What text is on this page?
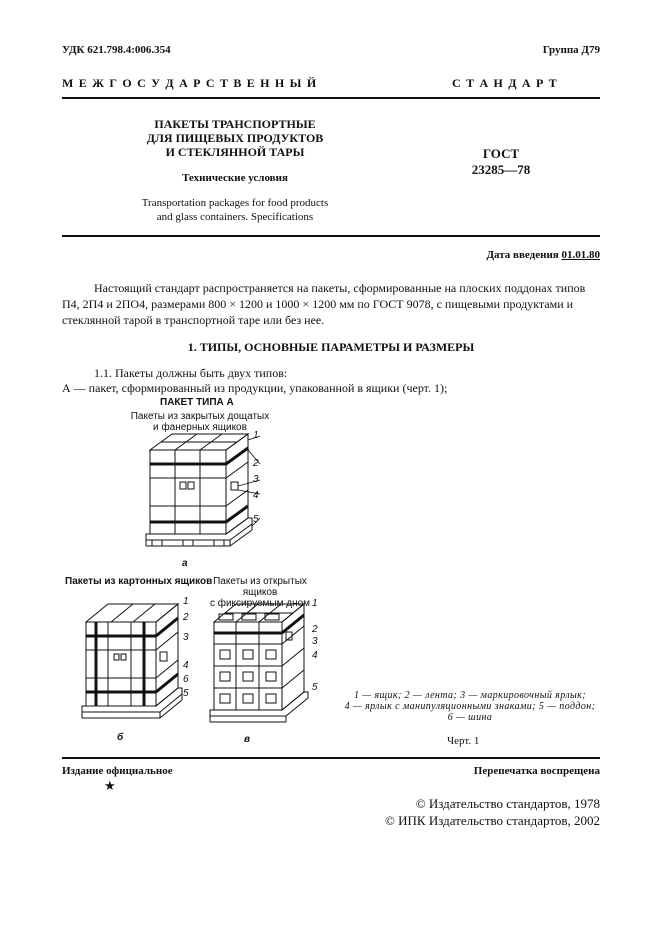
УДК 621.798.4:006.354	Группа Д79
М Е Ж Г О С У Д А Р С Т В Е Н Н Ы Й	С Т А Н Д А Р Т
ПАКЕТЫ ТРАНСПОРТНЫЕ
ДЛЯ ПИЩЕВЫХ ПРОДУКТОВ
И СТЕКЛЯННОЙ ТАРЫ
Технические условия
Transportation packages for food products
and glass containers. Specifications
ГОСТ
23285—78
Дата введения 01.01.80
Настоящий стандарт распространяется на пакеты, сформированные на плоских поддонах типов
П4, 2П4 и 2ПО4, размерами 800 × 1200 и 1000 × 1200 мм по ГОСТ 9078, с пищевыми продуктами и
стеклянной тарой в транспортной таре или без нее.
1. ТИПЫ, ОСНОВНЫЕ ПАРАМЕТРЫ И РАЗМЕРЫ
1.1. Пакеты должны быть двух типов:
А — пакет, сформированный из продукции, упакованной в ящики (черт. 1);
ПАКЕТ ТИПА А
Пакеты из закрытых дощатых
и фанерных ящиков
Пакеты из картонных ящиков Пакеты из открытых ящиков
с фиксируемым дном
1
2
3
4
5
а
1
2
3
4
6
5
б
1
2
3
4
5
в
1 — ящик; 2 — лента; 3 — маркировочный ярлык;
4 — ярлык с манипуляционными знаками; 5 — поддон;
6 — шина
Черт. 1
Издание официальное
★
Перепечатка воспрещена
© Издательство стандартов, 1978
© ИПК Издательство стандартов, 2002
